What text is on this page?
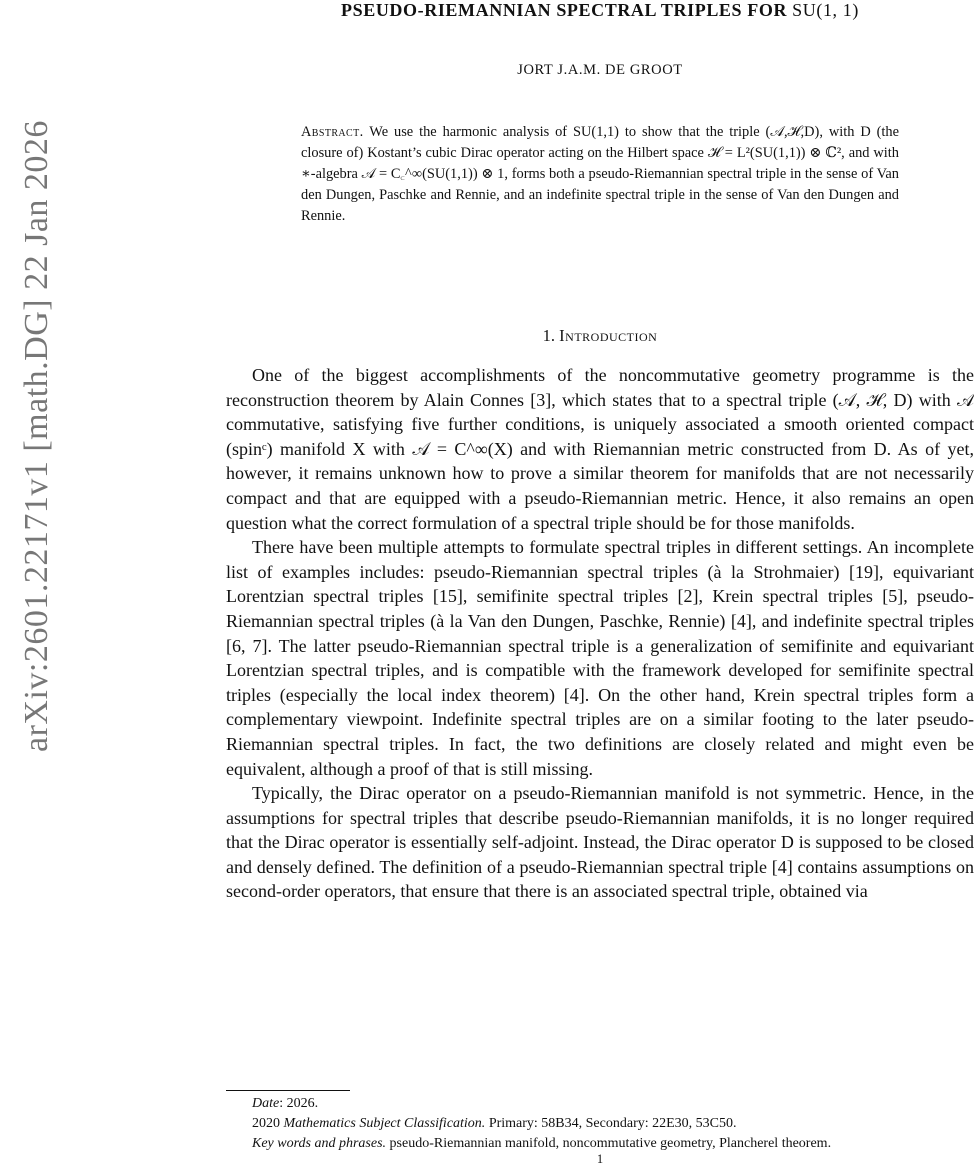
arXiv:2601.22171v1 [math.DG] 22 Jan 2026
PSEUDO-RIEMANNIAN SPECTRAL TRIPLES FOR SU(1, 1)
JORT J.A.M. DE GROOT
Abstract. We use the harmonic analysis of SU(1,1) to show that the triple (𝒜,ℋ,D), with D (the closure of) Kostant’s cubic Dirac operator acting on the Hilbert space ℋ = L²(SU(1,1)) ⊗ ℂ², and with ∗-algebra 𝒜 = C꜀^∞(SU(1,1)) ⊗ 1, forms both a pseudo-Riemannian spectral triple in the sense of Van den Dungen, Paschke and Rennie, and an indefinite spectral triple in the sense of Van den Dungen and Rennie.
1. Introduction

One of the biggest accomplishments of the noncommutative geometry programme is the reconstruction theorem by Alain Connes [3], which states that to a spectral triple (𝒜, ℋ, D) with 𝒜 commutative, satisfying five further conditions, is uniquely associated a smooth oriented compact (spinᶜ) manifold X with 𝒜 = C^∞(X) and with Riemannian metric constructed from D. As of yet, however, it remains unknown how to prove a similar theorem for manifolds that are not necessarily compact and that are equipped with a pseudo-Riemannian metric. Hence, it also remains an open question what the correct formulation of a spectral triple should be for those manifolds.

There have been multiple attempts to formulate spectral triples in different settings. An incomplete list of examples includes: pseudo-Riemannian spectral triples (à la Strohmaier) [19], equivariant Lorentzian spectral triples [15], semifinite spectral triples [2], Krein spectral triples [5], pseudo-Riemannian spectral triples (à la Van den Dungen, Paschke, Rennie) [4], and indefinite spectral triples [6, 7]. The latter pseudo-Riemannian spectral triple is a generalization of semifinite and equivariant Lorentzian spectral triples, and is compatible with the framework developed for semifinite spectral triples (especially the local index theorem) [4]. On the other hand, Krein spectral triples form a complementary viewpoint. Indefinite spectral triples are on a similar footing to the later pseudo-Riemannian spectral triples. In fact, the two definitions are closely related and might even be equivalent, although a proof of that is still missing.

Typically, the Dirac operator on a pseudo-Riemannian manifold is not symmetric. Hence, in the assumptions for spectral triples that describe pseudo-Riemannian manifolds, it is no longer required that the Dirac operator is essentially self-adjoint. Instead, the Dirac operator D is supposed to be closed and densely defined. The definition of a pseudo-Riemannian spectral triple [4] contains assumptions on second-order operators, that ensure that there is an associated spectral triple, obtained via

Date: 2026.
2020 Mathematics Subject Classification. Primary: 58B34, Secondary: 22E30, 53C50.
Key words and phrases. pseudo-Riemannian manifold, noncommutative geometry, Plancherel theorem.
1
